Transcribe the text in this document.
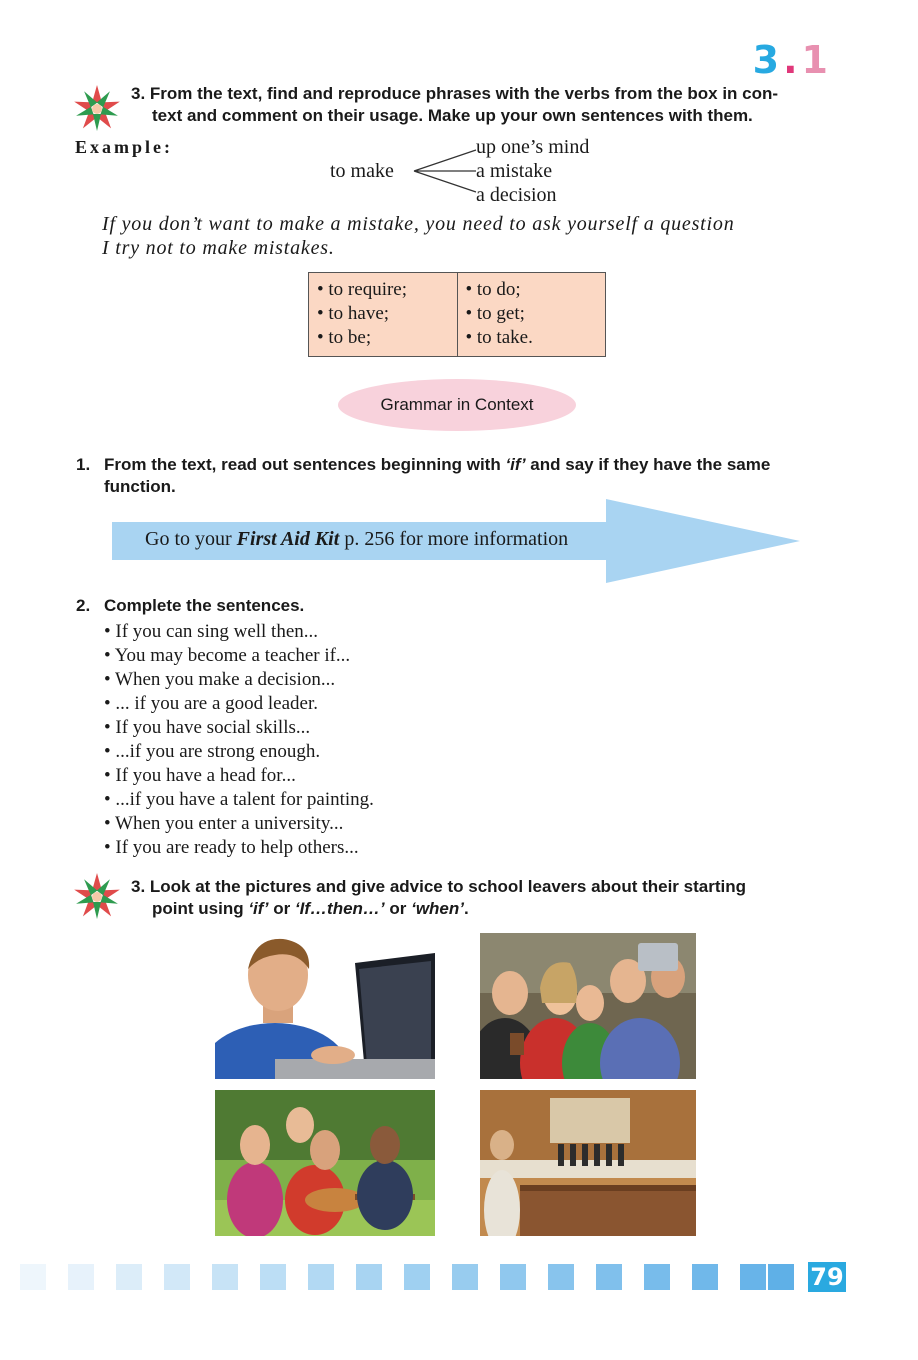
3.1
3. From the text, find and reproduce phrases with the verbs from the box in con-
text and comment on their usage. Make up your own sentences with them.
Example:
to make
up one’s mind
a mistake
a decision
If you don’t want to make a mistake, you need to ask yourself a question
I try not to make mistakes.
• to require;
• to have;
• to be;
• to do;
• to get;
• to take.
Grammar in Context
1. From the text, read out sentences beginning with ‘if’ and say if they have the same
function.
Go to your First Aid Kit p. 256 for more information
2. Complete the sentences.
• If you can sing well then...
• You may become a teacher if...
• When you make a decision...
• ... if you are a good leader.
• If you have social skills...
• ...if you are strong enough.
• If you have a head for...
• ...if you have a talent for painting.
• When you enter a university...
• If you are ready to help others...
3. Look at the pictures and give advice to school leavers about their starting
point using ‘if’ or ‘If…then…’ or ‘when’.
79
